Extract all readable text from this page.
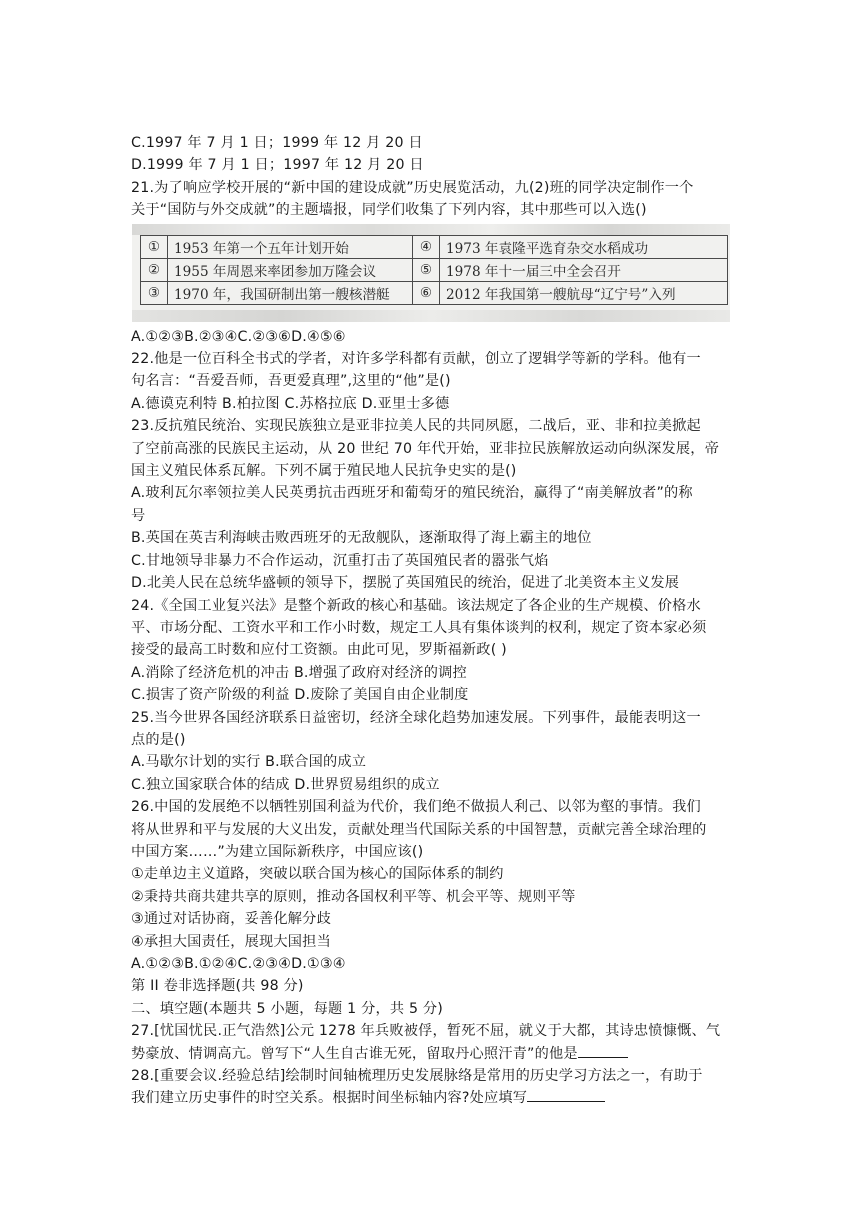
C.1997 年 7 月 1 日；1999 年 12 月 20 日
D.1999 年 7 月 1 日；1997 年 12 月 20 日
21.为了响应学校开展的“新中国的建设成就”历史展览活动，九(2)班的同学决定制作一个
关于“国防与外交成就”的主题墙报，同学们收集了下列内容，其中那些可以入选()
①	1953 年第一个五年计划开始	④	1973 年袁隆平选育杂交水稻成功
②	1955 年周恩来率团参加万隆会议	⑤	1978 年十一届三中全会召开
③	1970 年，我国研制出第一艘核潜艇	⑥	2012 年我国第一艘航母“辽宁号”入列
A.①②③B.②③④C.②③⑥D.④⑤⑥
22.他是一位百科全书式的学者，对许多学科都有贡献，创立了逻辑学等新的学科。他有一
句名言：“吾爱吾师，吾更爱真理”,这里的“他”是()
A.德谟克利特 B.柏拉图 C.苏格拉底 D.亚里士多德
23.反抗殖民统治、实现民族独立是亚非拉美人民的共同夙愿，二战后，亚、非和拉美掀起
了空前高涨的民族民主运动，从 20 世纪 70 年代开始，亚非拉民族解放运动向纵深发展，帝
国主义殖民体系瓦解。下列不属于殖民地人民抗争史实的是()
A.玻利瓦尔率领拉美人民英勇抗击西班牙和葡萄牙的殖民统治，赢得了“南美解放者”的称
号
B.英国在英吉利海峡击败西班牙的无敌舰队，逐渐取得了海上霸主的地位
C.甘地领导非暴力不合作运动，沉重打击了英国殖民者的嚣张气焰
D.北美人民在总统华盛顿的领导下，摆脱了英国殖民的统治，促进了北美资本主义发展
24.《全国工业复兴法》是整个新政的核心和基础。该法规定了各企业的生产规模、价格水
平、市场分配、工资水平和工作小时数，规定工人具有集体谈判的权利，规定了资本家必须
接受的最高工时数和应付工资额。由此可见，罗斯福新政( )
A.消除了经济危机的冲击 B.增强了政府对经济的调控
C.损害了资产阶级的利益 D.废除了美国自由企业制度
25.当今世界各国经济联系日益密切，经济全球化趋势加速发展。下列事件，最能表明这一
点的是()
A.马歇尔计划的实行 B.联合国的成立
C.独立国家联合体的结成 D.世界贸易组织的成立
26.中国的发展绝不以牺牲别国利益为代价，我们绝不做损人利己、以邻为壑的事情。我们
将从世界和平与发展的大义出发，贡献处理当代国际关系的中国智慧，贡献完善全球治理的
中国方案……”为建立国际新秩序，中国应该()
①走单边主义道路，突破以联合国为核心的国际体系的制约
②秉持共商共建共享的原则，推动各国权利平等、机会平等、规则平等
③通过对话协商，妥善化解分歧
④承担大国责任，展现大国担当
A.①②③B.①②④C.②③④D.①③④
第 II 卷非选择题(共 98 分)
二、填空题(本题共 5 小题，每题 1 分，共 5 分)
27.[忧国忧民.正气浩然]公元 1278 年兵败被俘，暂死不屈，就义于大都，其诗忠愤慷慨、气
势豪放、情调高亢。曾写下“人生自古谁无死，留取丹心照汗青”的他是
28.[重要会议.经验总结]绘制时间轴梳理历史发展脉络是常用的历史学习方法之一，有助于
我们建立历史事件的时空关系。根据时间坐标轴内容?处应填写
